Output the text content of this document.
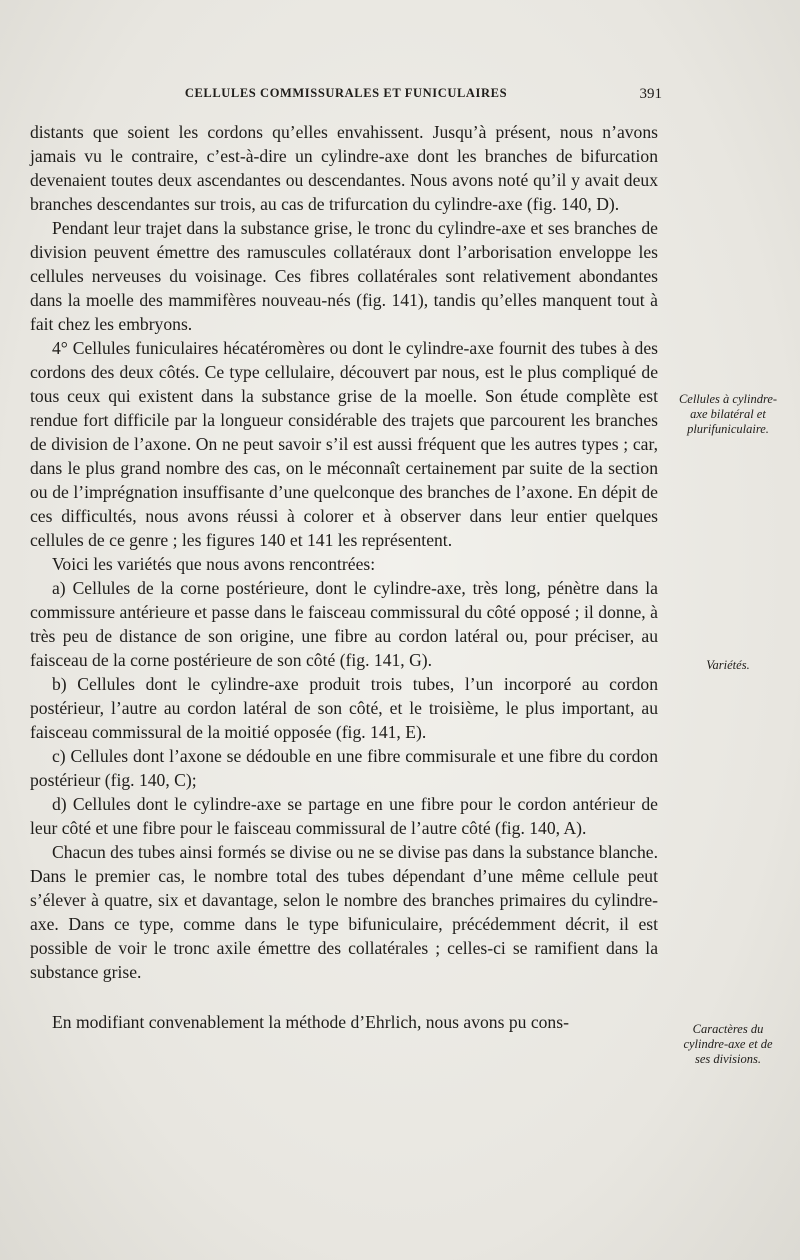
CELLULES COMMISSURALES ET FUNICULAIRES	391

distants que soient les cordons qu’elles envahissent. Jusqu’à présent, nous n’avons jamais vu le contraire, c’est-à-dire un cylindre-axe dont les branches de bifurcation devenaient toutes deux ascendantes ou descendantes. Nous avons noté qu’il y avait deux branches descendantes sur trois, au cas de trifurcation du cylindre-axe (fig. 140, D).

Pendant leur trajet dans la substance grise, le tronc du cylindre-axe et ses branches de division peuvent émettre des ramuscules collatéraux dont l’arborisation enveloppe les cellules nerveuses du voisinage. Ces fibres collatérales sont relativement abondantes dans la moelle des mammifères nouveau-nés (fig. 141), tandis qu’elles manquent tout à fait chez les embryons.

4° Cellules funiculaires hécatéromères ou dont le cylindre-axe fournit des tubes à des cordons des deux côtés. Ce type cellulaire, découvert par nous, est le plus compliqué de tous ceux qui existent dans la substance grise de la moelle. Son étude complète est rendue fort difficile par la longueur considérable des trajets que parcourent les branches de division de l’axone. On ne peut savoir s’il est aussi fréquent que les autres types ; car, dans le plus grand nombre des cas, on le méconnaît certainement par suite de la section ou de l’imprégnation insuffisante d’une quelconque des branches de l’axone. En dépit de ces difficultés, nous avons réussi à colorer et à observer dans leur entier quelques cellules de ce genre ; les figures 140 et 141 les représentent.

Voici les variétés que nous avons rencontrées:

a) Cellules de la corne postérieure, dont le cylindre-axe, très long, pénètre dans la commissure antérieure et passe dans le faisceau commissural du côté opposé ; il donne, à très peu de distance de son origine, une fibre au cordon latéral ou, pour préciser, au faisceau de la corne postérieure de son côté (fig. 141, G).

b) Cellules dont le cylindre-axe produit trois tubes, l’un incorporé au cordon postérieur, l’autre au cordon latéral de son côté, et le troisième, le plus important, au faisceau commissural de la moitié opposée (fig. 141, E).

c) Cellules dont l’axone se dédouble en une fibre commisurale et une fibre du cordon postérieur (fig. 140, C);

d) Cellules dont le cylindre-axe se partage en une fibre pour le cordon antérieur de leur côté et une fibre pour le faisceau commissural de l’autre côté (fig. 140, A).

Chacun des tubes ainsi formés se divise ou ne se divise pas dans la substance blanche. Dans le premier cas, le nombre total des tubes dépendant d’une même cellule peut s’élever à quatre, six et davantage, selon le nombre des branches primaires du cylindre-axe. Dans ce type, comme dans le type bifuniculaire, précédemment décrit, il est possible de voir le tronc axile émettre des collatérales ; celles-ci se ramifient dans la substance grise.

En modifiant convenablement la méthode d’Ehrlich, nous avons pu cons-

Cellules à cylindre-axe bilatéral et plurifuniculaire.
Variétés.
Caractères du cylindre-axe et de ses divisions.
